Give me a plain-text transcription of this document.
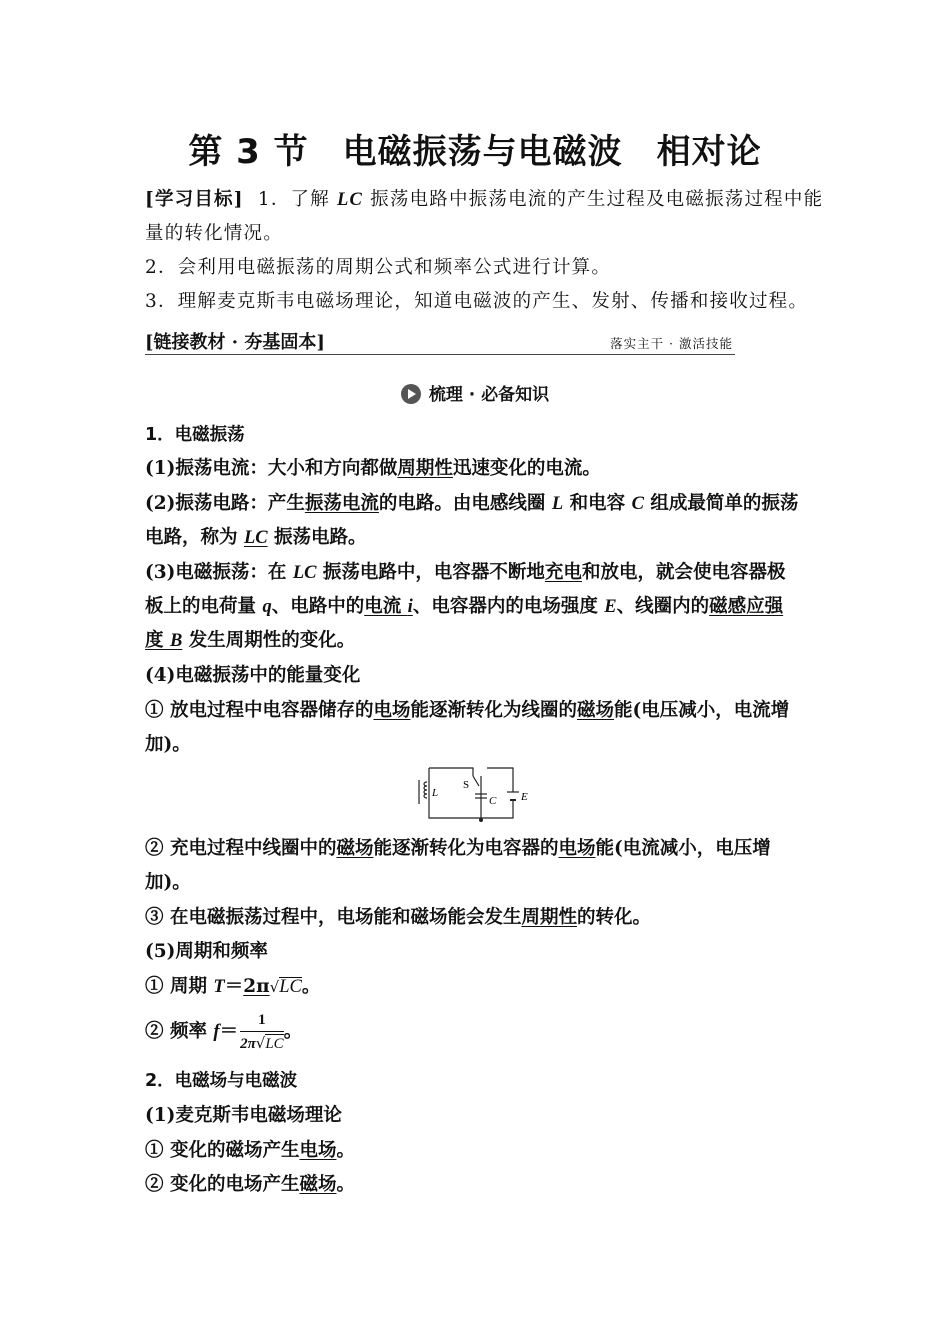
第 3 节 电磁振荡与电磁波 相对论
[学习目标] 1．了解 LC 振荡电路中振荡电流的产生过程及电磁振荡过程中能
量的转化情况。
2．会利用电磁振荡的周期公式和频率公式进行计算。
3．理解麦克斯韦电磁场理论，知道电磁波的产生、发射、传播和接收过程。
[链接教材 · 夯基固本]	落实主干 · 激活技能
梳理 · 必备知识
1．电磁振荡
(1)振荡电流：大小和方向都做周期性迅速变化的电流。
(2)振荡电路：产生振荡电流的电路。由电感线圈 L 和电容 C 组成最简单的振荡
电路，称为 LC 振荡电路。
(3)电磁振荡：在 LC 振荡电路中，电容器不断地充电和放电，就会使电容器极
板上的电荷量 q、电路中的电流 i、电容器内的电场强度 E、线圈内的磁感应强
度 B 发生周期性的变化。
(4)电磁振荡中的能量变化
① 放电过程中电容器储存的电场能逐渐转化为线圈的磁场能(电压减小，电流增
加)。
L
S
C E
② 充电过程中线圈中的磁场能逐渐转化为电容器的电场能(电流减小，电压增
加)。
③ 在电磁振荡过程中，电场能和磁场能会发生周期性的转化。
(5)周期和频率
① 周期 T＝2π√LC。
② 频率 $f= \frac{1}{2\pi√LC}$ 。
2．电磁场与电磁波
(1)麦克斯韦电磁场理论
① 变化的磁场产生电场。
② 变化的电场产生磁场。
